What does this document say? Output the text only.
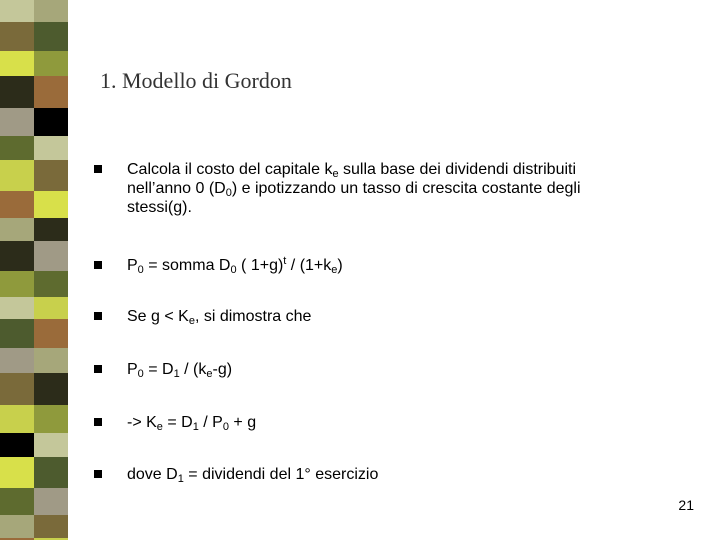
1. Modello di Gordon
Calcola il costo del capitale $k_e$ sulla base dei dividendi distribuiti
nell’anno 0 $(D_0)$ e ipotizzando un tasso di crescita costante degli
stessi(g).
$P_0$ = somma $D_0$ ( $1+g)^t / (1+k_e)$
Se $g < K_e$, si dimostra che
$P_0 = D_1 / (k_e-g)$
-> $K_e = D_1 / P_0 + g$
dove $D_1$ = dividendi del 1° esercizio
21
